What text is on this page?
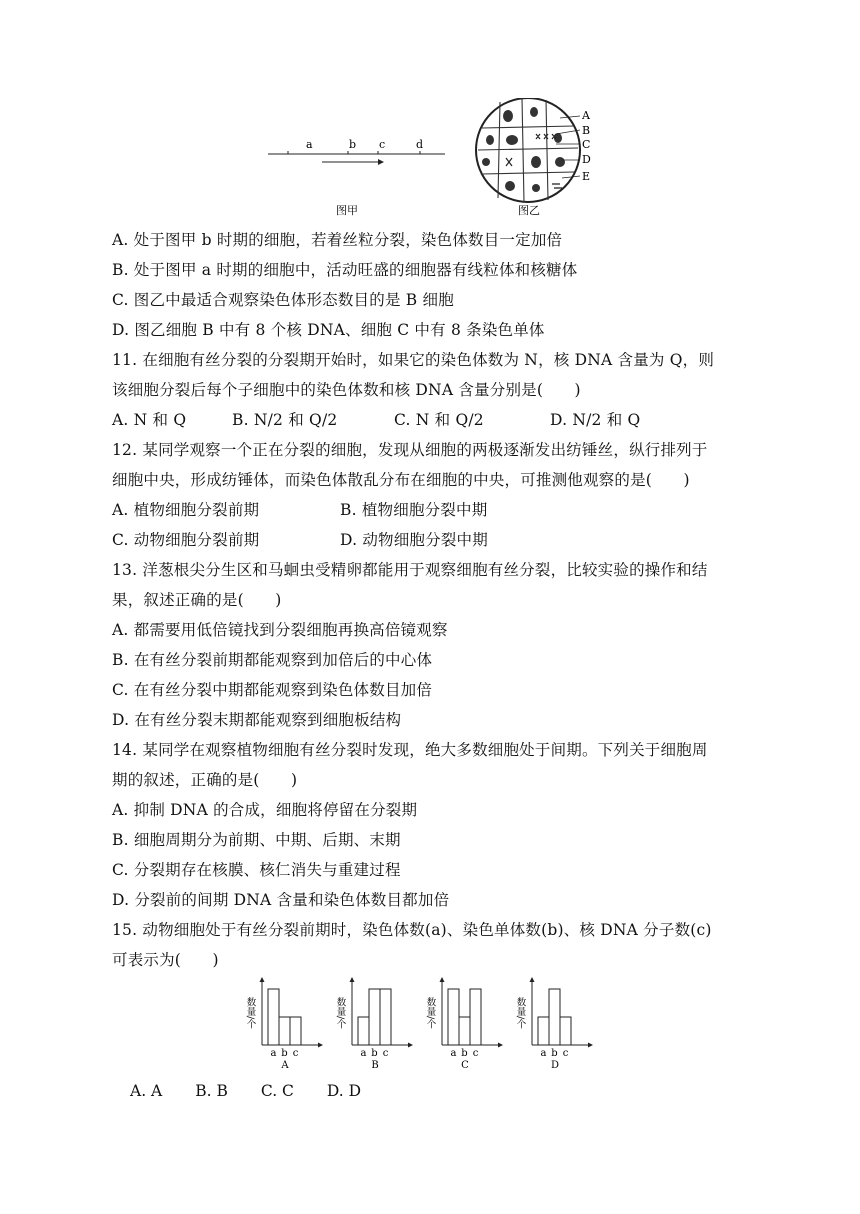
a	b c	d
图甲
A
B
C
D
E
图乙
A. 处于图甲 b 时期的细胞，若着丝粒分裂，染色体数目一定加倍
B. 处于图甲 a 时期的细胞中，活动旺盛的细胞器有线粒体和核糖体
C. 图乙中最适合观察染色体形态数目的是 B 细胞
D. 图乙细胞 B 中有 8 个核 DNA、细胞 C 中有 8 条染色单体
11. 在细胞有丝分裂的分裂期开始时，如果它的染色体数为 N，核 DNA 含量为 Q，则
该细胞分裂后每个子细胞中的染色体数和核 DNA 含量分别是(　　)
A. N 和 Q	B. N/2 和 Q/2	C. N 和 Q/2	D. N/2 和 Q
12. 某同学观察一个正在分裂的细胞，发现从细胞的两极逐渐发出纺锤丝，纵行排列于
细胞中央，形成纺锤体，而染色体散乱分布在细胞的中央，可推测他观察的是(　　)
A. 植物细胞分裂前期	B. 植物细胞分裂中期
C. 动物细胞分裂前期	D. 动物细胞分裂中期
13. 洋葱根尖分生区和马蛔虫受精卵都能用于观察细胞有丝分裂，比较实验的操作和结
果，叙述正确的是(　　)
A. 都需要用低倍镜找到分裂细胞再换高倍镜观察
B. 在有丝分裂前期都能观察到加倍后的中心体
C. 在有丝分裂中期都能观察到染色体数目加倍
D. 在有丝分裂末期都能观察到细胞板结构
14. 某同学在观察植物细胞有丝分裂时发现，绝大多数细胞处于间期。下列关于细胞周
期的叙述，正确的是(　　)
A. 抑制 DNA 的合成，细胞将停留在分裂期
B. 细胞周期分为前期、中期、后期、末期
C. 分裂期存在核膜、核仁消失与重建过程
D. 分裂前的间期 DNA 含量和染色体数目都加倍
15. 动物细胞处于有丝分裂前期时，染色体数(a)、染色单体数(b)、核 DNA 分子数(c)
可表示为(　　)
数量/个
a b c
A
数量/个
a b c
B
数量/个
a b c
C
数量/个
a b c
D
A. A B. B C. C D. D
